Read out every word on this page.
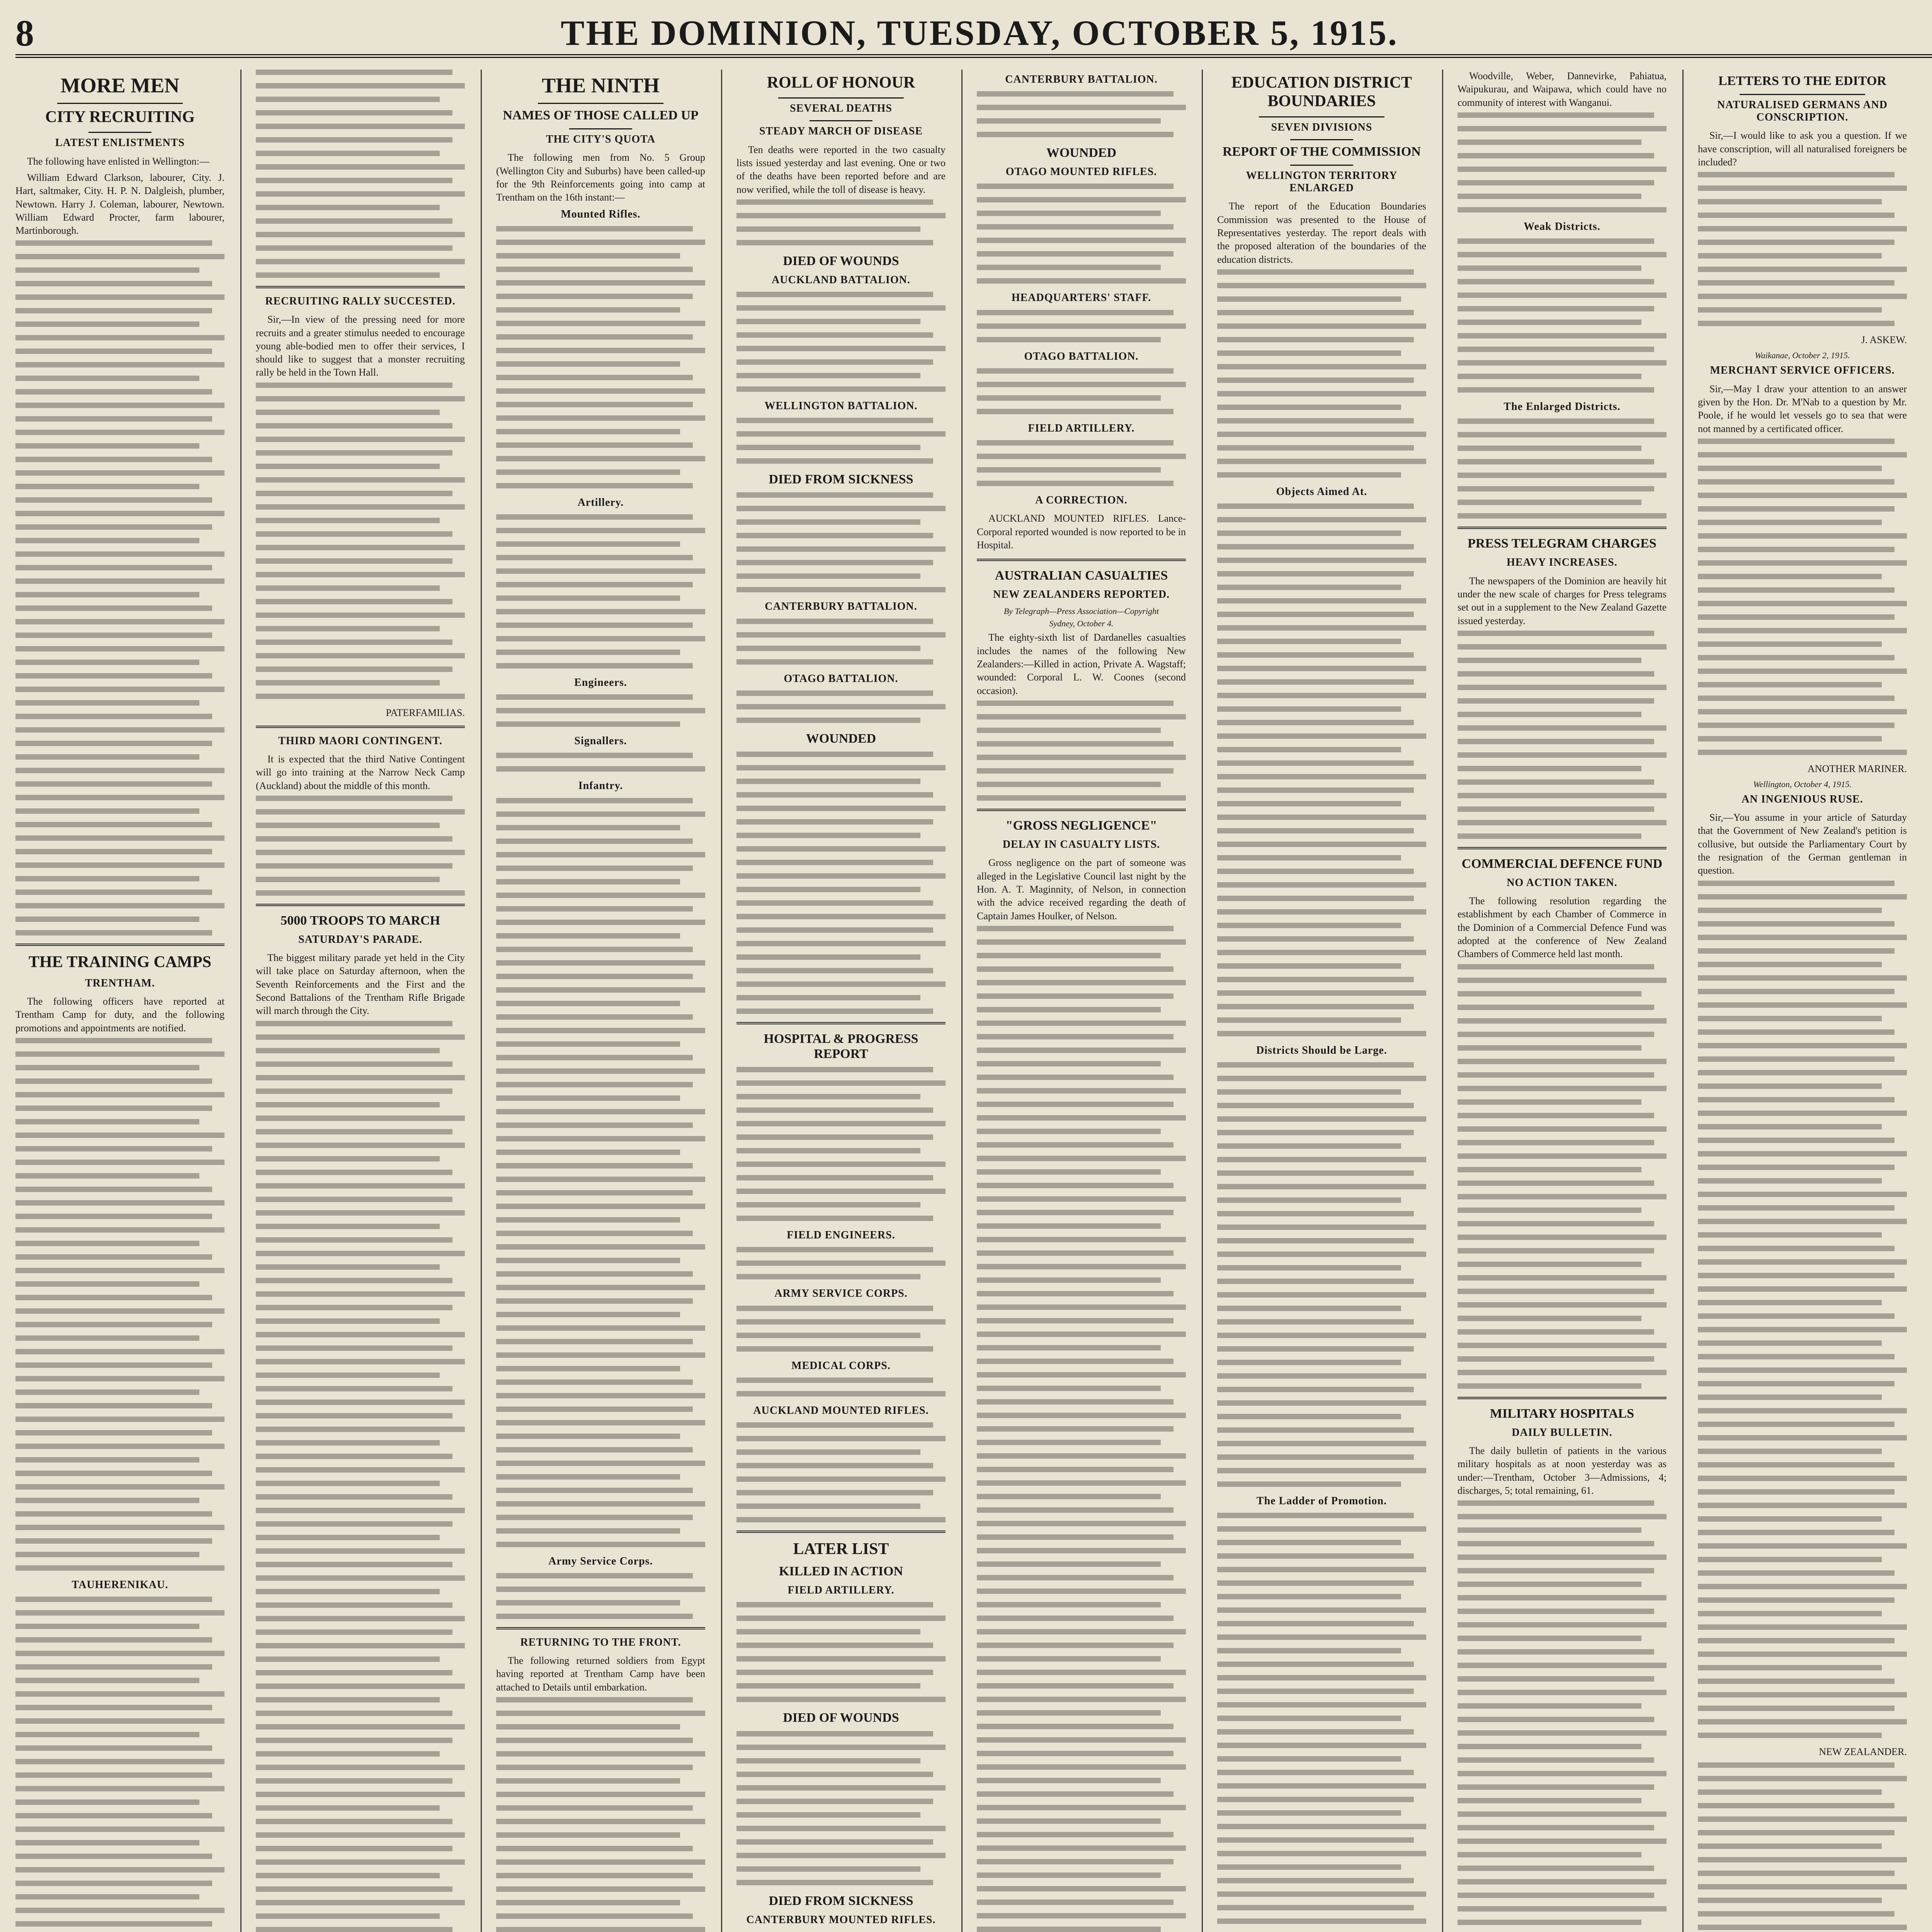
8	THE DOMINION, TUESDAY, OCTOBER 5, 1915.
MORE MEN
CITY RECRUITING
LATEST ENLISTMENTS

The following have enlisted in Wellington:—

William Edward Clarkson, labourer, City. J. Hart, saltmaker, City. H. P. N. Dalgleish, plumber, Newtown. Harry J. Coleman, labourer, Newtown. William Edward Procter, farm labourer, Martinborough.

THE TRAINING CAMPS
TRENTHAM.

The following officers have reported at Trentham Camp for duty, and the following promotions and appointments are notified.

TAUHERENIKAU.

RECRUITING RALLY SUCCESTED.

Sir,—In view of the pressing need for more recruits and a greater stimulus needed to encourage young able-bodied men to offer their services, I should like to suggest that a monster recruiting rally be held in the Town Hall.

PATERFAMILIAS.
THIRD MAORI CONTINGENT.

It is expected that the third Native Contingent will go into training at the Narrow Neck Camp (Auckland) about the middle of this month.

5000 TROOPS TO MARCH
SATURDAY'S PARADE.

The biggest military parade yet held in the City will take place on Saturday afternoon, when the Seventh Reinforcements and the First and the Second Battalions of the Trentham Rifle Brigade will march through the City.

THE NINTH
NAMES OF THOSE CALLED UP
THE CITY'S QUOTA

The following men from No. 5 Group (Wellington City and Suburbs) have been called-up for the 9th Reinforcements going into camp at Trentham on the 16th instant:—

Mounted Rifles.
Artillery.
Engineers.
Signallers.
Infantry.
Army Service Corps.
RETURNING TO THE FRONT.

The following returned soldiers from Egypt having reported at Trentham Camp have been attached to Details until embarkation.

ROLL OF HONOUR
SEVERAL DEATHS
STEADY MARCH OF DISEASE

Ten deaths were reported in the two casualty lists issued yesterday and last evening. One or two of the deaths have been reported before and are now verified, while the toll of disease is heavy.

DIED OF WOUNDS
AUCKLAND BATTALION.
WELLINGTON BATTALION.
DIED FROM SICKNESS
CANTERBURY BATTALION.
OTAGO BATTALION.
WOUNDED
HOSPITAL & PROGRESS REPORT
FIELD ENGINEERS.
ARMY SERVICE CORPS.
MEDICAL CORPS.
AUCKLAND MOUNTED RIFLES.
LATER LIST
KILLED IN ACTION
FIELD ARTILLERY.
DIED OF WOUNDS
DIED FROM SICKNESS
CANTERBURY MOUNTED RIFLES.
CANTERBURY BATTALION.
WOUNDED
OTAGO MOUNTED RIFLES.
HEADQUARTERS' STAFF.
OTAGO BATTALION.
FIELD ARTILLERY.
A CORRECTION.

AUCKLAND MOUNTED RIFLES. Lance-Corporal reported wounded is now reported to be in Hospital.

AUSTRALIAN CASUALTIES
NEW ZEALANDERS REPORTED.
By Telegraph—Press Association—Copyright
Sydney, October 4.

The eighty-sixth list of Dardanelles casualties includes the names of the following New Zealanders:—Killed in action, Private A. Wagstaff; wounded: Corporal L. W. Coones (second occasion).

"GROSS NEGLIGENCE"
DELAY IN CASUALTY LISTS.

Gross negligence on the part of someone was alleged in the Legislative Council last night by the Hon. A. T. Maginnity, of Nelson, in connection with the advice received regarding the death of Captain James Houlker, of Nelson.

EDUCATION DISTRICT BOUNDARIES
SEVEN DIVISIONS
REPORT OF THE COMMISSION
WELLINGTON TERRITORY ENLARGED

The report of the Education Boundaries Commission was presented to the House of Representatives yesterday. The report deals with the proposed alteration of the boundaries of the education districts.

Objects Aimed At.
Districts Should be Large.
The Ladder of Promotion.

Woodville, Weber, Dannevirke, Pahiatua, Waipukurau, and Waipawa, which could have no community of interest with Wanganui.

Weak Districts.
The Enlarged Districts.
PRESS TELEGRAM CHARGES
HEAVY INCREASES.

The newspapers of the Dominion are heavily hit under the new scale of charges for Press telegrams set out in a supplement to the New Zealand Gazette issued yesterday.

COMMERCIAL DEFENCE FUND
NO ACTION TAKEN.

The following resolution regarding the establishment by each Chamber of Commerce in the Dominion of a Commercial Defence Fund was adopted at the conference of New Zealand Chambers of Commerce held last month.

MILITARY HOSPITALS
DAILY BULLETIN.

The daily bulletin of patients in the various military hospitals as at noon yesterday was as under:—Trentham, October 3—Admissions, 4; discharges, 5; total remaining, 61.

LETTERS TO THE EDITOR
NATURALISED GERMANS AND CONSCRIPTION.

Sir,—I would like to ask you a question. If we have conscription, will all naturalised foreigners be included?

J. ASKEW.
Waikanae, October 2, 1915.
MERCHANT SERVICE OFFICERS.

Sir,—May I draw your attention to an answer given by the Hon. Dr. M'Nab to a question by Mr. Poole, if he would let vessels go to sea that were not manned by a certificated officer.

ANOTHER MARINER.
Wellington, October 4, 1915.
AN INGENIOUS RUSE.

Sir,—You assume in your article of Saturday that the Government of New Zealand's petition is collusive, but outside the Parliamentary Court by the resignation of the German gentleman in question.

NEW ZEALANDER.
